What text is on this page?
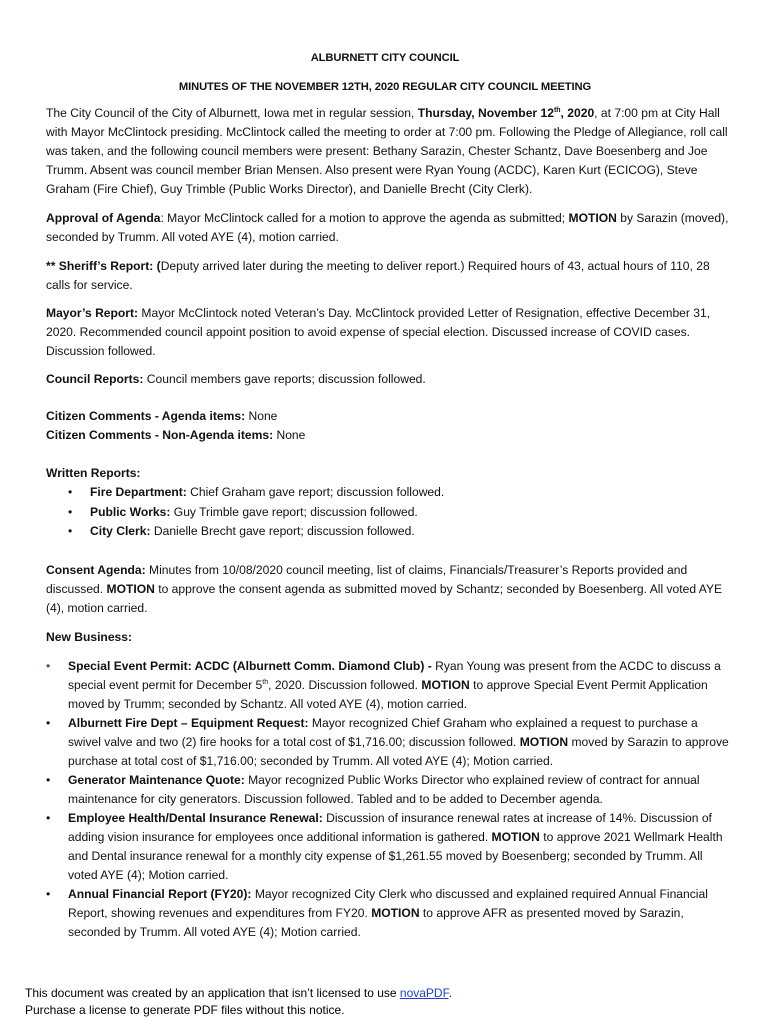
ALBURNETT CITY COUNCIL
MINUTES OF THE NOVEMBER 12TH, 2020 REGULAR CITY COUNCIL MEETING

The City Council of the City of Alburnett, Iowa met in regular session, Thursday, November 12th, 2020, at 7:00 pm at City Hall with Mayor McClintock presiding. McClintock called the meeting to order at 7:00 pm. Following the Pledge of Allegiance, roll call was taken, and the following council members were present: Bethany Sarazin, Chester Schantz, Dave Boesenberg and Joe Trumm. Absent was council member Brian Mensen. Also present were Ryan Young (ACDC), Karen Kurt (ECICOG), Steve Graham (Fire Chief), Guy Trimble (Public Works Director), and Danielle Brecht (City Clerk).

Approval of Agenda: Mayor McClintock called for a motion to approve the agenda as submitted; MOTION by Sarazin (moved), seconded by Trumm. All voted AYE (4), motion carried.

** Sheriff’s Report: (Deputy arrived later during the meeting to deliver report.) Required hours of 43, actual hours of 110, 28 calls for service.

Mayor’s Report: Mayor McClintock noted Veteran’s Day. McClintock provided Letter of Resignation, effective December 31, 2020. Recommended council appoint position to avoid expense of special election. Discussed increase of COVID cases. Discussion followed.

Council Reports: Council members gave reports; discussion followed.

Citizen Comments - Agenda items: None

Citizen Comments - Non-Agenda items: None

Written Reports:

• Fire Department: Chief Graham gave report; discussion followed.
• Public Works: Guy Trimble gave report; discussion followed.
• City Clerk: Danielle Brecht gave report; discussion followed.

Consent Agenda: Minutes from 10/08/2020 council meeting, list of claims, Financials/Treasurer’s Reports provided and discussed. MOTION to approve the consent agenda as submitted moved by Schantz; seconded by Boesenberg. All voted AYE (4), motion carried.

New Business:

• Special Event Permit: ACDC (Alburnett Comm. Diamond Club) - Ryan Young was present from the ACDC to discuss a special event permit for December 5th, 2020. Discussion followed. MOTION to approve Special Event Permit Application moved by Trumm; seconded by Schantz. All voted AYE (4), motion carried.
• Alburnett Fire Dept – Equipment Request: Mayor recognized Chief Graham who explained a request to purchase a swivel valve and two (2) fire hooks for a total cost of $1,716.00; discussion followed. MOTION moved by Sarazin to approve purchase at total cost of $1,716.00; seconded by Trumm. All voted AYE (4); Motion carried.
• Generator Maintenance Quote: Mayor recognized Public Works Director who explained review of contract for annual maintenance for city generators. Discussion followed. Tabled and to be added to December agenda.
• Employee Health/Dental Insurance Renewal: Discussion of insurance renewal rates at increase of 14%. Discussion of adding vision insurance for employees once additional information is gathered. MOTION to approve 2021 Wellmark Health and Dental insurance renewal for a monthly city expense of $1,261.55 moved by Boesenberg; seconded by Trumm. All voted AYE (4); Motion carried.
• Annual Financial Report (FY20): Mayor recognized City Clerk who discussed and explained required Annual Financial Report, showing revenues and expenditures from FY20. MOTION to approve AFR as presented moved by Sarazin, seconded by Trumm. All voted AYE (4); Motion carried.
This document was created by an application that isn’t licensed to use novaPDF.
Purchase a license to generate PDF files without this notice.
